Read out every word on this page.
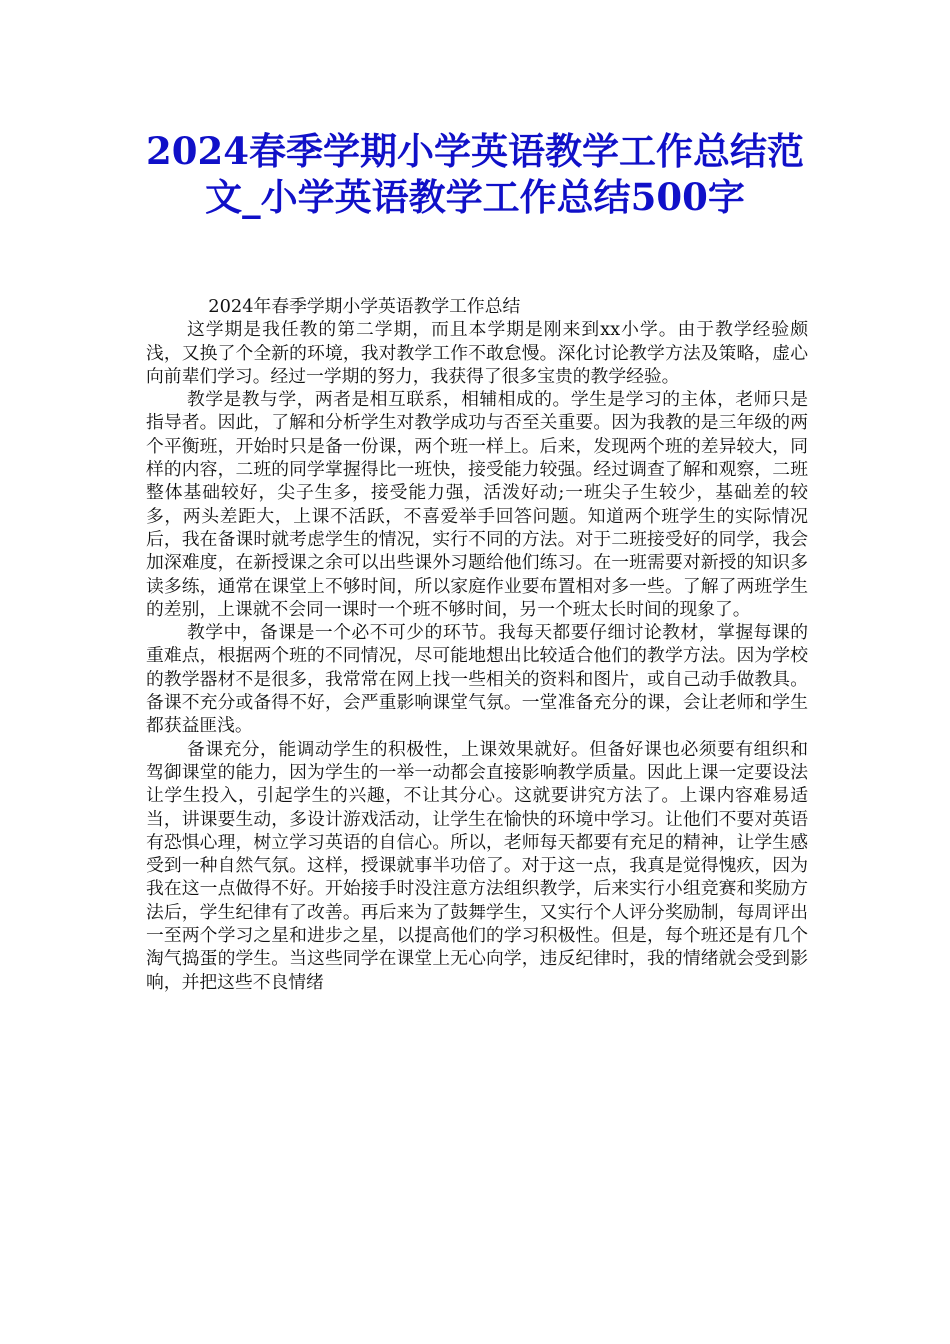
2024春季学期小学英语教学工作总结范文_小学英语教学工作总结500字

2024年春季学期小学英语教学工作总结

这学期是我任教的第二学期，而且本学期是刚来到xx小学。由于教学经验颇浅，又换了个全新的环境，我对教学工作不敢怠慢。深化讨论教学方法及策略，虚心向前辈们学习。经过一学期的努力，我获得了很多宝贵的教学经验。

教学是教与学，两者是相互联系，相辅相成的。学生是学习的主体，老师只是指导者。因此，了解和分析学生对教学成功与否至关重要。因为我教的是三年级的两个平衡班，开始时只是备一份课，两个班一样上。后来，发现两个班的差异较大，同样的内容，二班的同学掌握得比一班快，接受能力较强。经过调查了解和观察，二班整体基础较好，尖子生多，接受能力强，活泼好动;一班尖子生较少，基础差的较多，两头差距大，上课不活跃，不喜爱举手回答问题。知道两个班学生的实际情况后，我在备课时就考虑学生的情况，实行不同的方法。对于二班接受好的同学，我会加深难度，在新授课之余可以出些课外习题给他们练习。在一班需要对新授的知识多读多练，通常在课堂上不够时间，所以家庭作业要布置相对多一些。了解了两班学生的差别，上课就不会同一课时一个班不够时间，另一个班太长时间的现象了。

教学中，备课是一个必不可少的环节。我每天都要仔细讨论教材，掌握每课的重难点，根据两个班的不同情况，尽可能地想出比较适合他们的教学方法。因为学校的教学器材不是很多，我常常在网上找一些相关的资料和图片，或自己动手做教具。备课不充分或备得不好，会严重影响课堂气氛。一堂准备充分的课，会让老师和学生都获益匪浅。

备课充分，能调动学生的积极性，上课效果就好。但备好课也必须要有组织和驾御课堂的能力，因为学生的一举一动都会直接影响教学质量。因此上课一定要设法让学生投入，引起学生的兴趣，不让其分心。这就要讲究方法了。上课内容难易适当，讲课要生动，多设计游戏活动，让学生在愉快的环境中学习。让他们不要对英语有恐惧心理，树立学习英语的自信心。所以，老师每天都要有充足的精神，让学生感受到一种自然气氛。这样，授课就事半功倍了。对于这一点，我真是觉得愧疚，因为我在这一点做得不好。开始接手时没注意方法组织教学，后来实行小组竞赛和奖励方法后，学生纪律有了改善。再后来为了鼓舞学生，又实行个人评分奖励制，每周评出一至两个学习之星和进步之星，以提高他们的学习积极性。但是，每个班还是有几个淘气捣蛋的学生。当这些同学在课堂上无心向学，违反纪律时，我的情绪就会受到影响，并把这些不良情绪
